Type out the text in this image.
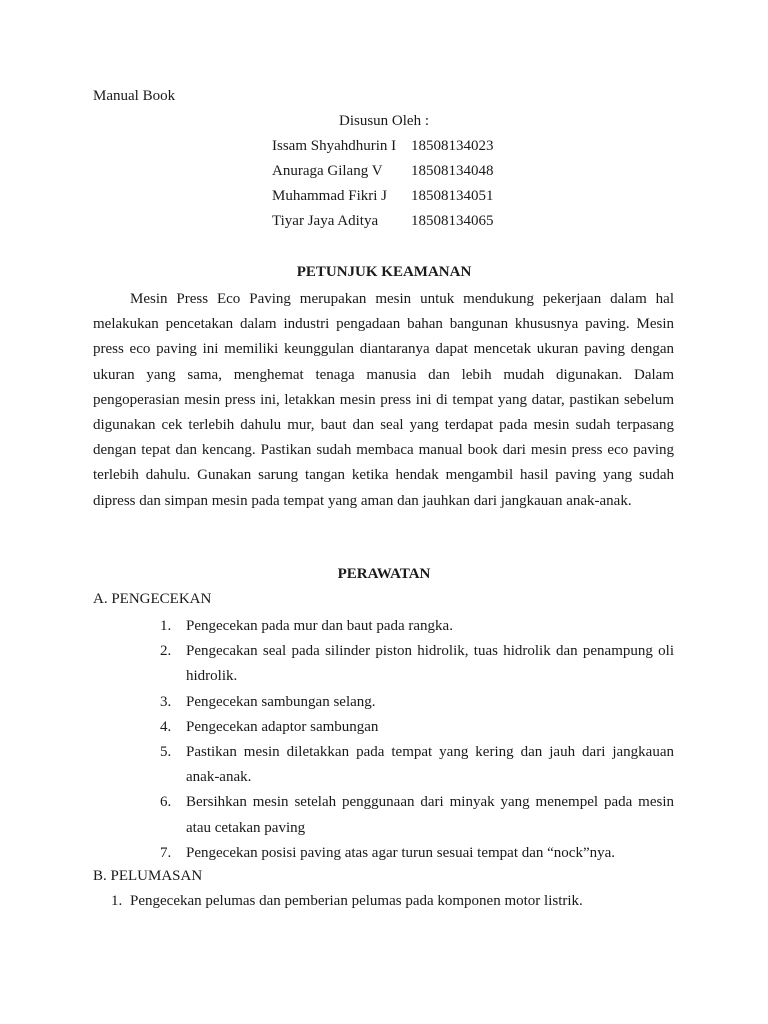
Manual Book
Disusun Oleh :
Issam Shyahdhurin I 18508134023
Anuraga Gilang V 18508134048
Muhammad Fikri J 18508134051
Tiyar Jaya Aditya 18508134065
PETUNJUK KEAMANAN

Mesin Press Eco Paving merupakan mesin untuk mendukung pekerjaan dalam hal melakukan pencetakan dalam industri pengadaan bahan bangunan khususnya paving. Mesin press eco paving ini memiliki keunggulan diantaranya dapat mencetak ukuran paving dengan ukuran yang sama, menghemat tenaga manusia dan lebih mudah digunakan. Dalam pengoperasian mesin press ini, letakkan mesin press ini di tempat yang datar, pastikan sebelum digunakan cek terlebih dahulu mur, baut dan seal yang terdapat pada mesin sudah terpasang dengan tepat dan kencang. Pastikan sudah membaca manual book dari mesin press eco paving terlebih dahulu. Gunakan sarung tangan ketika hendak mengambil hasil paving yang sudah dipress dan simpan mesin pada tempat yang aman dan jauhkan dari jangkauan anak-anak.

PERAWATAN
A. PENGECEKAN
1. Pengecekan pada mur dan baut pada rangka.
2. Pengecakan seal pada silinder piston hidrolik, tuas hidrolik dan penampung oli hidrolik.
3. Pengecekan sambungan selang.
4. Pengecekan adaptor sambungan
5. Pastikan mesin diletakkan pada tempat yang kering dan jauh dari jangkauan anak-anak.
6. Bersihkan mesin setelah penggunaan dari minyak yang menempel pada mesin atau cetakan paving
7. Pengecekan posisi paving atas agar turun sesuai tempat dan “nock”nya.
B. PELUMASAN
1. Pengecekan pelumas dan pemberian pelumas pada komponen motor listrik.
